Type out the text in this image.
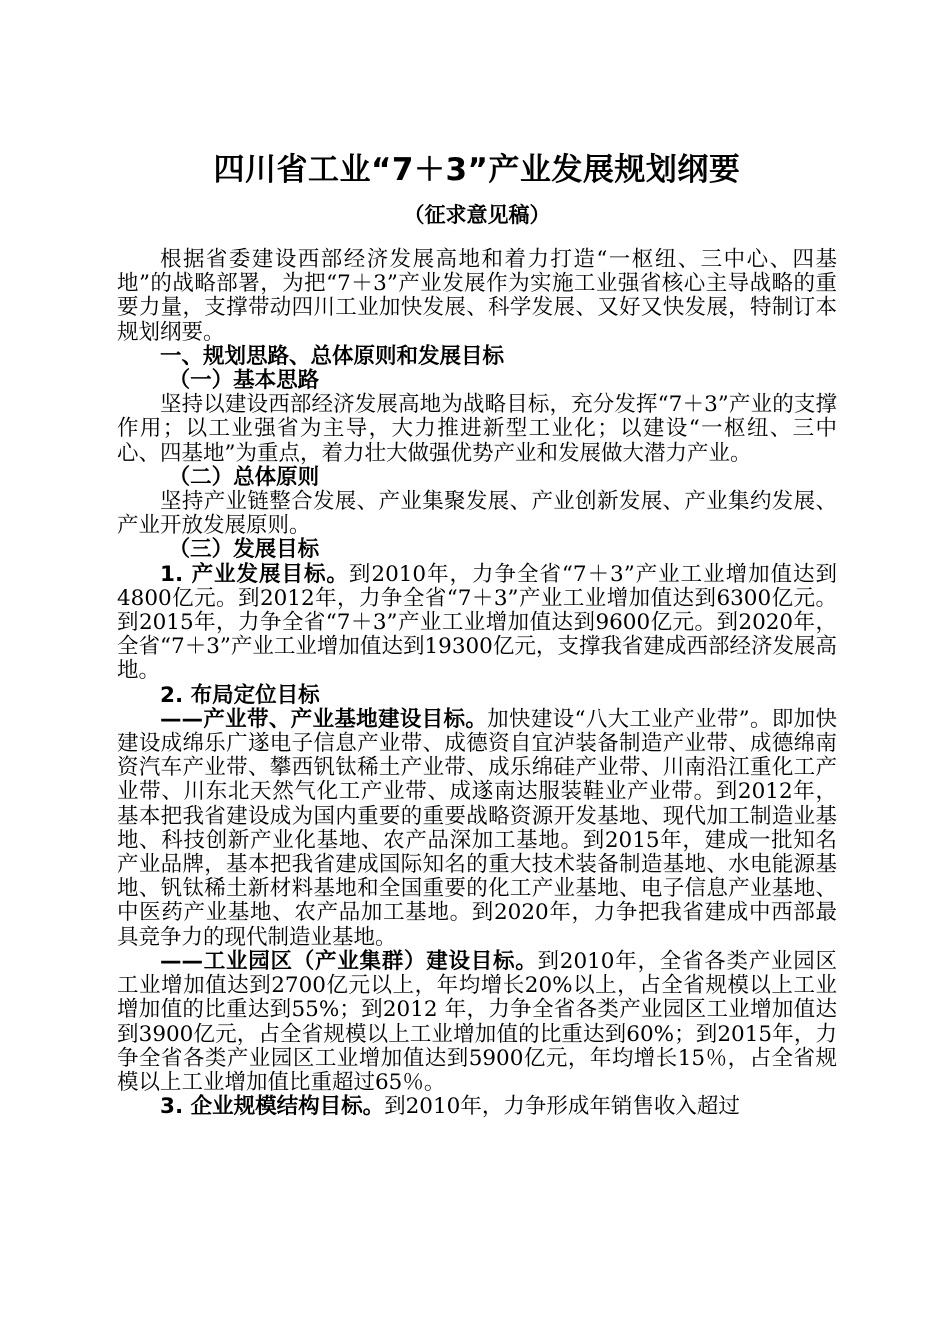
四川省工业“7＋3”产业发展规划纲要
（征求意见稿）

根据省委建设西部经济发展高地和着力打造“一枢纽、三中心、四基地”的战略部署，为把“7＋3”产业发展作为实施工业强省核心主导战略的重要力量，支撑带动四川工业加快发展、科学发展、又好又快发展，特制订本规划纲要。

一、规划思路、总体原则和发展目标

（一）基本思路

坚持以建设西部经济发展高地为战略目标，充分发挥“7＋3”产业的支撑作用；以工业强省为主导，大力推进新型工业化；以建设“一枢纽、三中心、四基地”为重点，着力壮大做强优势产业和发展做大潜力产业。

（二）总体原则

坚持产业链整合发展、产业集聚发展、产业创新发展、产业集约发展、产业开放发展原则。

（三）发展目标

1. 产业发展目标。到2010年，力争全省“7＋3”产业工业增加值达到 4800亿元。到2012年，力争全省“7＋3”产业工业增加值达到6300亿元。到2015年，力争全省“7＋3”产业工业增加值达到9600亿元。到2020年，全省“7＋3”产业工业增加值达到19300亿元，支撑我省建成西部经济发展高地。

2. 布局定位目标

——产业带、产业基地建设目标。加快建设“八大工业产业带”。即加快建设成绵乐广遂电子信息产业带、成德资自宜泸装备制造产业带、成德绵南资汽车产业带、攀西钒钛稀土产业带、成乐绵硅产业带、川南沿江重化工产业带、川东北天然气化工产业带、成遂南达服装鞋业产业带。到2012年，基本把我省建设成为国内重要的重要战略资源开发基地、现代加工制造业基地、科技创新产业化基地、农产品深加工基地。到2015年，建成一批知名产业品牌，基本把我省建成国际知名的重大技术装备制造基地、水电能源基地、钒钛稀土新材料基地和全国重要的化工产业基地、电子信息产业基地、中医药产业基地、农产品加工基地。到2020年，力争把我省建成中西部最具竞争力的现代制造业基地。

——工业园区（产业集群）建设目标。到2010年，全省各类产业园区工业增加值达到2700亿元以上，年均增长20%以上，占全省规模以上工业增加值的比重达到55%；到2012 年，力争全省各类产业园区工业增加值达到3900亿元，占全省规模以上工业增加值的比重达到60%；到2015年，力争全省各类产业园区工业增加值达到5900亿元，年均增长15％，占全省规模以上工业增加值比重超过65％。

3. 企业规模结构目标。到2010年，力争形成年销售收入超过
